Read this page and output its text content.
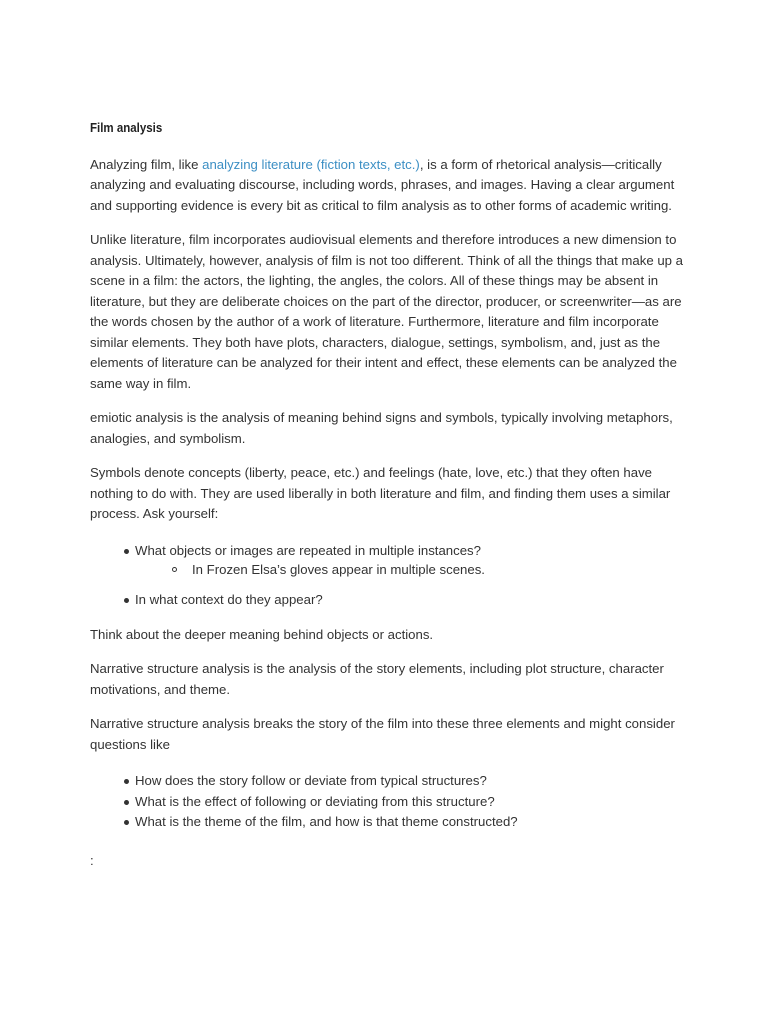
Film analysis

Analyzing film, like analyzing literature (fiction texts, etc.), is a form of rhetorical analysis—critically analyzing and evaluating discourse, including words, phrases, and images. Having a clear argument and supporting evidence is every bit as critical to film analysis as to other forms of academic writing.

Unlike literature, film incorporates audiovisual elements and therefore introduces a new dimension to analysis. Ultimately, however, analysis of film is not too different. Think of all the things that make up a scene in a film: the actors, the lighting, the angles, the colors. All of these things may be absent in literature, but they are deliberate choices on the part of the director, producer, or screenwriter—as are the words chosen by the author of a work of literature. Furthermore, literature and film incorporate similar elements. They both have plots, characters, dialogue, settings, symbolism, and, just as the elements of literature can be analyzed for their intent and effect, these elements can be analyzed the same way in film.

emiotic analysis is the analysis of meaning behind signs and symbols, typically involving metaphors, analogies, and symbolism.

Symbols denote concepts (liberty, peace, etc.) and feelings (hate, love, etc.) that they often have nothing to do with. They are used liberally in both literature and film, and finding them uses a similar process. Ask yourself:

What objects or images are repeated in multiple instances?
In Frozen Elsa’s gloves appear in multiple scenes.
In what context do they appear?

Think about the deeper meaning behind objects or actions.

Narrative structure analysis is the analysis of the story elements, including plot structure, character motivations, and theme.

Narrative structure analysis breaks the story of the film into these three elements and might consider questions like

How does the story follow or deviate from typical structures?
What is the effect of following or deviating from this structure?
What is the theme of the film, and how is that theme constructed?
:
